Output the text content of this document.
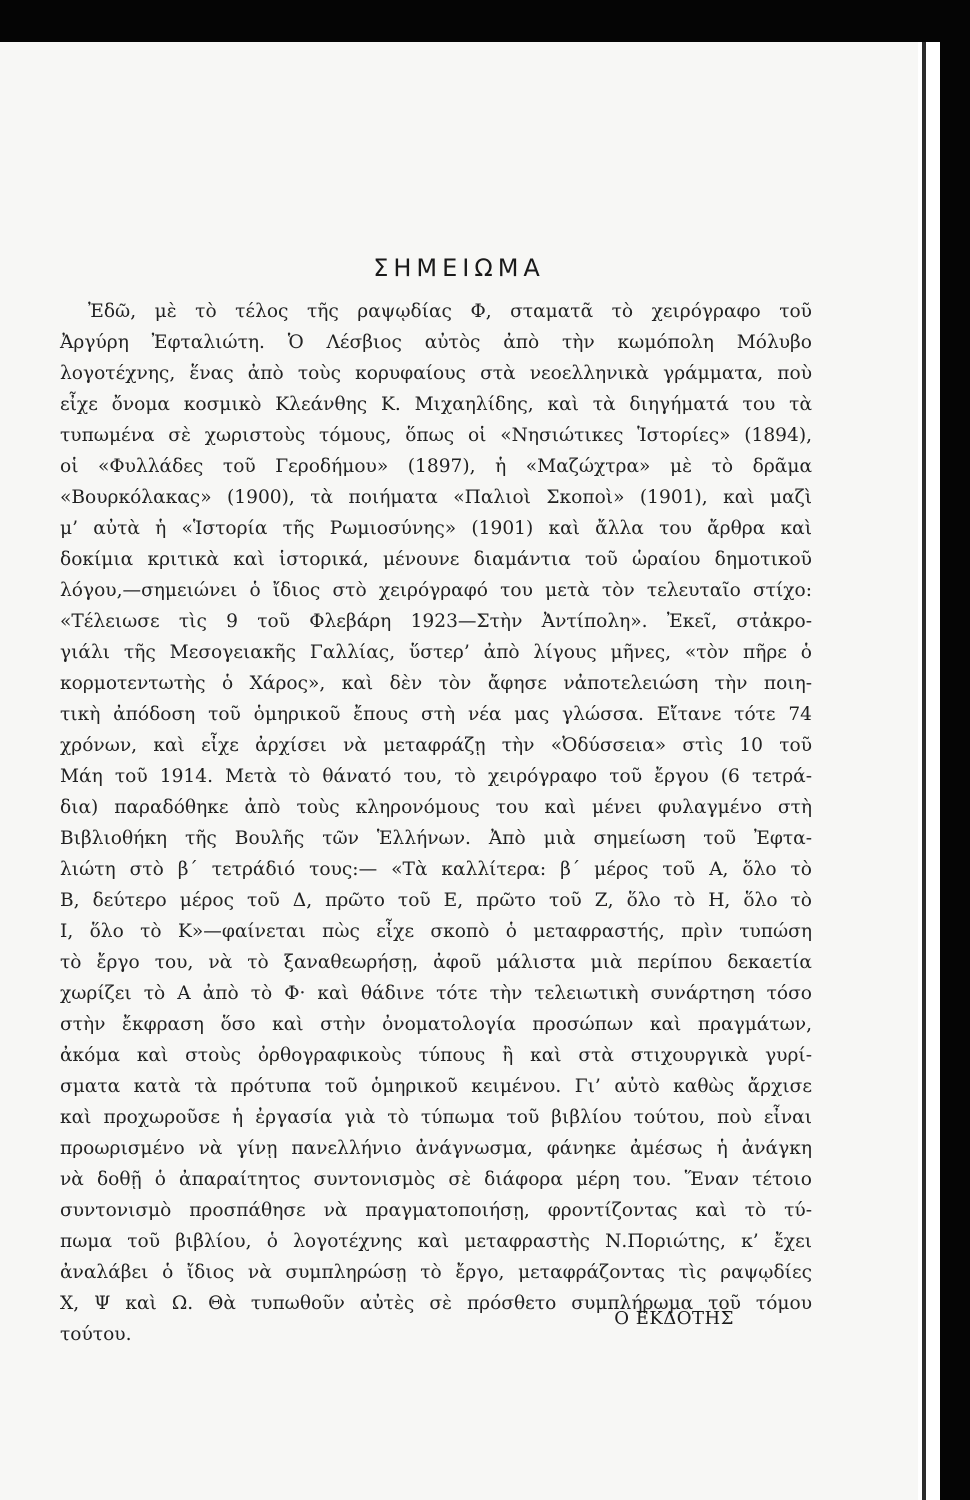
ΣΗΜΕΙΩΜΑ
Ἐδῶ, μὲ τὸ τέλος τῆς ραψῳδίας Φ, σταματᾶ τὸ χειρόγραφο τοῦ
Ἀργύρη Ἐφταλιώτη. Ὁ Λέσβιος αὐτὸς ἀπὸ τὴν κωμόπολη Μόλυβο
λογοτέχνης, ἕνας ἀπὸ τοὺς κορυφαίους στὰ νεοελληνικὰ γράμματα, ποὺ
εἶχε ὄνομα κοσμικὸ Κλεάνθης Κ. Μιχαηλίδης, καὶ τὰ διηγήματά του τὰ
τυπωμένα σὲ χωριστοὺς τόμους, ὅπως οἱ «Νησιώτικες Ἱστορίες» (1894),
οἱ «Φυλλάδες τοῦ Γεροδήμου» (1897), ἡ «Μαζώχτρα» μὲ τὸ δρᾶμα
«Βουρκόλακας» (1900), τὰ ποιήματα «Παλιοὶ Σκοποὶ» (1901), καὶ μαζὶ
μ’ αὐτὰ ἡ «Ἱστορία τῆς Ρωμιοσύνης» (1901) καὶ ἄλλα του ἄρθρα καὶ
δοκίμια κριτικὰ καὶ ἱστορικά, μένουνε διαμάντια τοῦ ὡραίου δημοτικοῦ
λόγου,—σημειώνει ὁ ἴδιος στὸ χειρόγραφό του μετὰ τὸν τελευταῖο στίχο:
«Τέλειωσε τὶς 9 τοῦ Φλεβάρη 1923—Στὴν Ἀντίπολη». Ἐκεῖ, στἀκρο-
γιάλι τῆς Μεσογειακῆς Γαλλίας, ὕστερ’ ἀπὸ λίγους μῆνες, «τὸν πῆρε ὁ
κορμοτεντωτὴς ὁ Χάρος», καὶ δὲν τὸν ἄφησε νἀποτελειώση τὴν ποιη-
τικὴ ἀπόδοση τοῦ ὁμηρικοῦ ἔπους στὴ νέα μας γλώσσα. Εἴτανε τότε 74
χρόνων, καὶ εἶχε ἀρχίσει νὰ μεταφράζῃ τὴν «Ὀδύσσεια» στὶς 10 τοῦ
Μάη τοῦ 1914. Μετὰ τὸ θάνατό του, τὸ χειρόγραφο τοῦ ἔργου (6 τετρά-
δια) παραδόθηκε ἀπὸ τοὺς κληρονόμους του καὶ μένει φυλαγμένο στὴ
Βιβλιοθήκη τῆς Βουλῆς τῶν Ἑλλήνων. Ἀπὸ μιὰ σημείωση τοῦ Ἐφτα-
λιώτη στὸ β΄ τετράδιό τους:— «Τὰ καλλίτερα: β΄ μέρος τοῦ Α, ὅλο τὸ
Β, δεύτερο μέρος τοῦ Δ, πρῶτο τοῦ Ε, πρῶτο τοῦ Ζ, ὅλο τὸ Η, ὅλο τὸ
Ι, ὅλο τὸ Κ»—φαίνεται πὼς εἶχε σκοπὸ ὁ μεταφραστής, πρὶν τυπώση
τὸ ἔργο του, νὰ τὸ ξαναθεωρήσῃ, ἀφοῦ μάλιστα μιὰ περίπου δεκαετία
χωρίζει τὸ Α ἀπὸ τὸ Φ· καὶ θάδινε τότε τὴν τελειωτικὴ συνάρτηση τόσο
στὴν ἔκφραση ὅσο καὶ στὴν ὀνοματολογία προσώπων καὶ πραγμάτων,
ἀκόμα καὶ στοὺς ὀρθογραφικοὺς τύπους ἢ καὶ στὰ στιχουργικὰ γυρί-
σματα κατὰ τὰ πρότυπα τοῦ ὁμηρικοῦ κειμένου. Γι’ αὐτὸ καθὼς ἄρχισε
καὶ προχωροῦσε ἡ ἐργασία γιὰ τὸ τύπωμα τοῦ βιβλίου τούτου, ποὺ εἶναι
προωρισμένο νὰ γίνῃ πανελλήνιο ἀνάγνωσμα, φάνηκε ἀμέσως ἡ ἀνάγκη
νὰ δοθῇ ὁ ἀπαραίτητος συντονισμὸς σὲ διάφορα μέρη του. Ἕναν τέτοιο
συντονισμὸ προσπάθησε νὰ πραγματοποιήσῃ, φροντίζοντας καὶ τὸ τύ-
πωμα τοῦ βιβλίου, ὁ λογοτέχνης καὶ μεταφραστὴς Ν.Ποριώτης, κ’ ἔχει
ἀναλάβει ὁ ἴδιος νὰ συμπληρώσῃ τὸ ἔργο, μεταφράζοντας τὶς ραψῳδίες
Χ, Ψ καὶ Ω. Θὰ τυπωθοῦν αὐτὲς σὲ πρόσθετο συμπλήρωμα τοῦ τόμου
τούτου.
Ο ΕΚΔΟΤΗΣ
